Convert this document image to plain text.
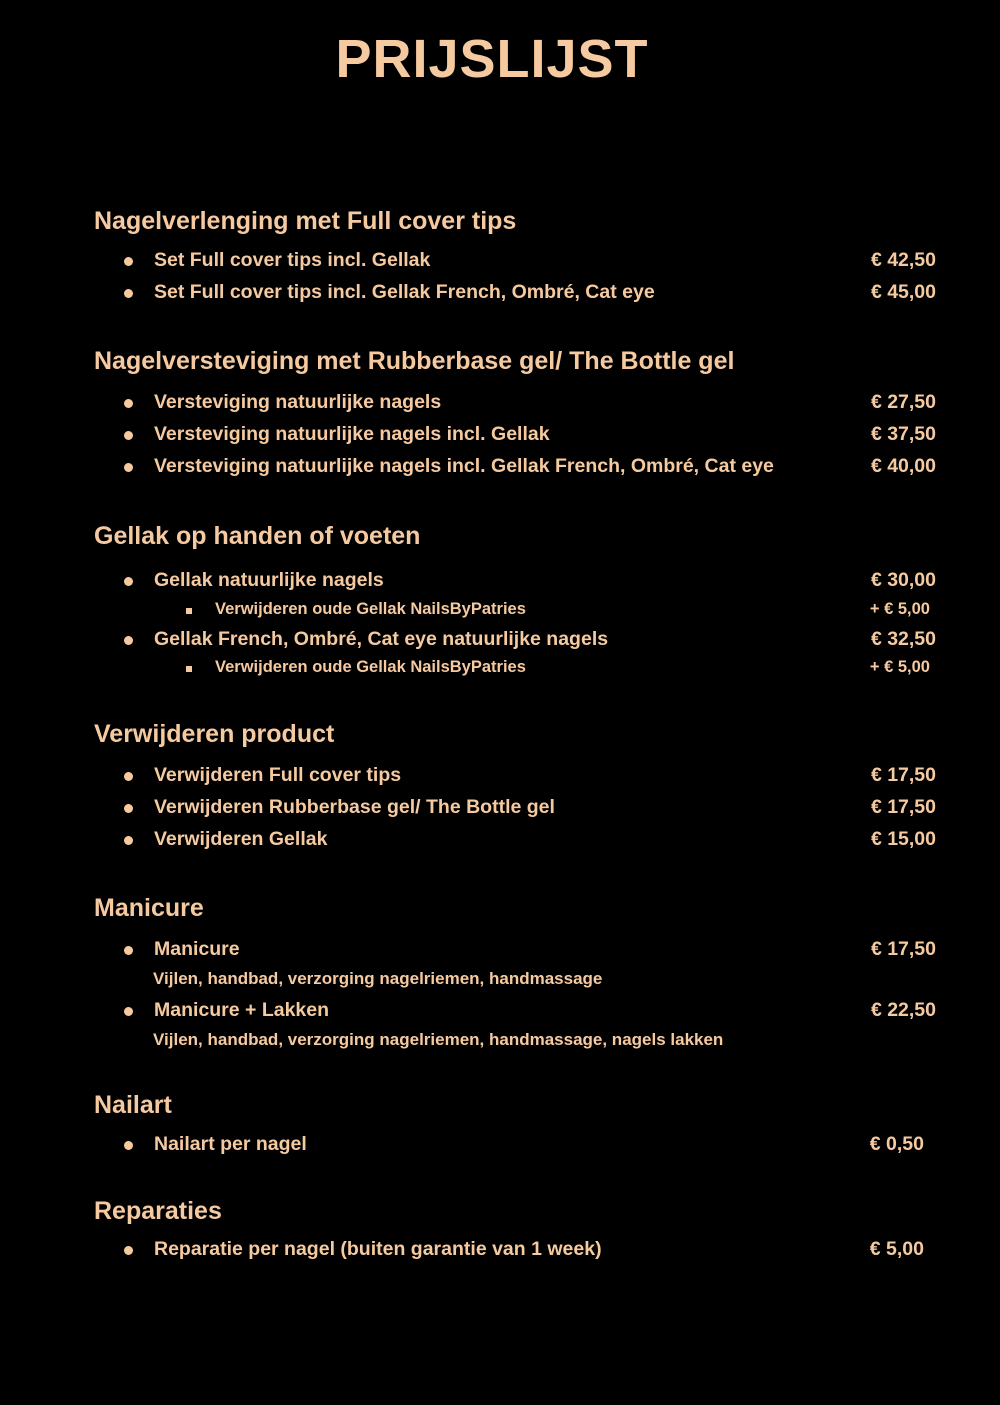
PRIJSLIJST
Nagelverlenging met Full cover tips
Set Full cover tips incl. Gellak	€ 42,50
Set Full cover tips incl. Gellak French, Ombré, Cat eye	€ 45,00
Nagelversteviging met Rubberbase gel/ The Bottle gel
Versteviging natuurlijke nagels	€ 27,50
Versteviging natuurlijke nagels incl. Gellak	€ 37,50
Versteviging natuurlijke nagels incl. Gellak French, Ombré, Cat eye	€ 40,00
Gellak op handen of voeten
Gellak natuurlijke nagels	€ 30,00
Verwijderen oude Gellak NailsByPatries	+ € 5,00
Gellak French, Ombré, Cat eye natuurlijke nagels	€ 32,50
Verwijderen oude Gellak NailsByPatries	+ € 5,00
Verwijderen product
Verwijderen Full cover tips	€ 17,50
Verwijderen Rubberbase gel/ The Bottle gel	€ 17,50
Verwijderen Gellak	€ 15,00
Manicure
Manicure	€ 17,50
Vijlen, handbad, verzorging nagelriemen, handmassage
Manicure + Lakken	€ 22,50
Vijlen, handbad, verzorging nagelriemen, handmassage, nagels lakken
Nailart
Nailart per nagel	€ 0,50
Reparaties
Reparatie per nagel (buiten garantie van 1 week)	€ 5,00
